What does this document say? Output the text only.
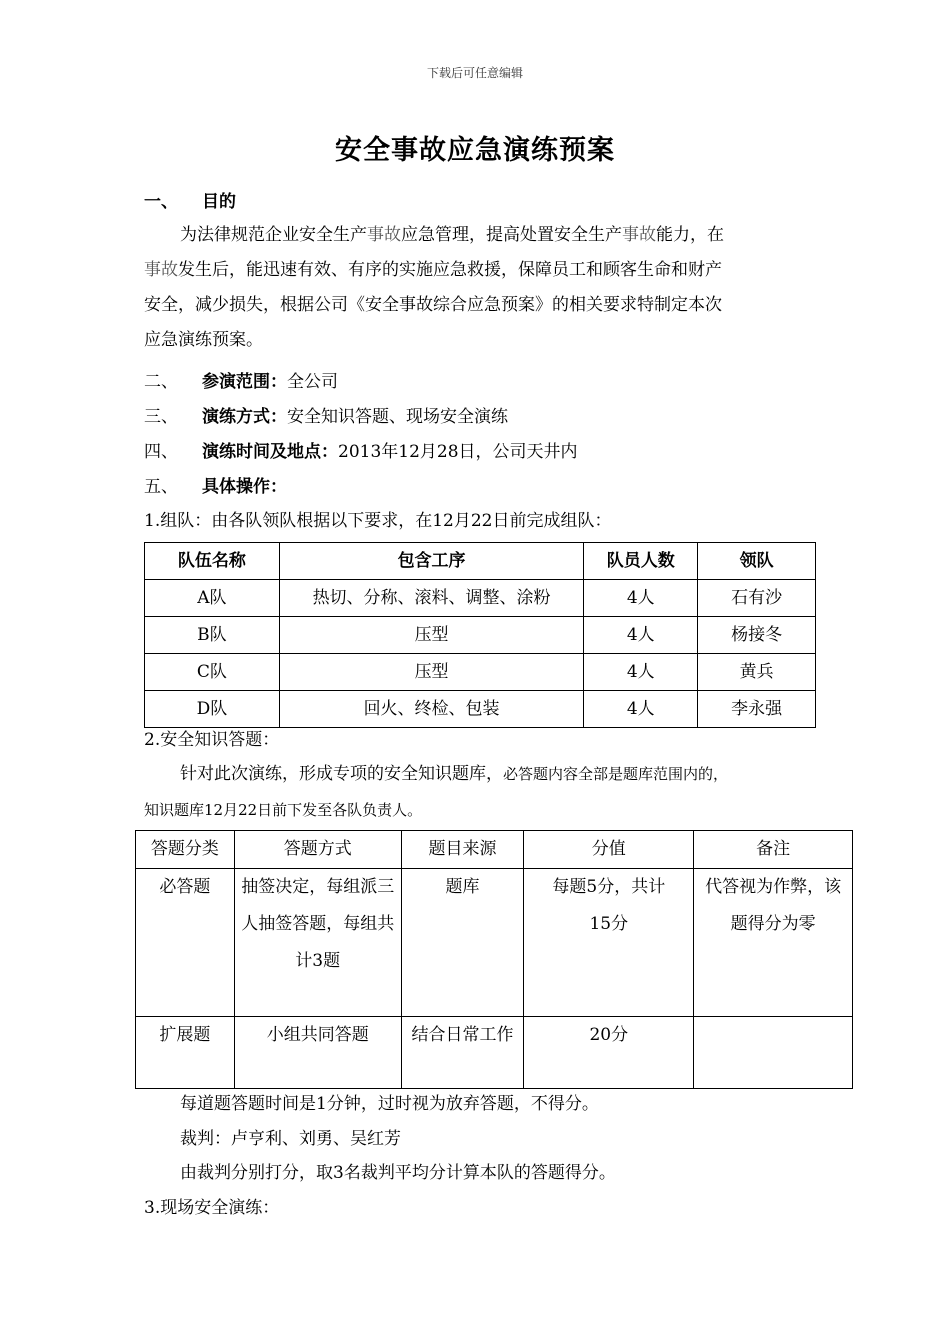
下载后可任意编辑
安全事故应急演练预案
一、 目的
为法律规范企业安全生产事故应急管理，提高处置安全生产事故能力，在
事故发生后，能迅速有效、有序的实施应急救援，保障员工和顾客生命和财产
安全，减少损失，根据公司《安全事故综合应急预案》的相关要求特制定本次
应急演练预案。
二、 参演范围：全公司
三、 演练方式：安全知识答题、现场安全演练
四、 演练时间及地点：2013年12月28日，公司天井内
五、 具体操作：
1.组队：由各队领队根据以下要求，在12月22日前完成组队：
队伍名称	包含工序	队员人数	领队
A队	热切、分称、滚料、调整、涂粉	4人	石有沙
B队	压型	4人	杨接冬
C队	压型	4人	黄兵
D队	回火、终检、包装	4人	李永强
2.安全知识答题：
针对此次演练，形成专项的安全知识题库，必答题内容全部是题库范围内的，
知识题库12月22日前下发至各队负责人。
答题分类	答题方式	题目来源	分值	备注
必答题	抽签决定，每组派三人抽签答题，每组共计3题	题库	每题5分，共计15分	代答视为作弊，该题得分为零
扩展题	小组共同答题	结合日常工作	20分	
每道题答题时间是1分钟，过时视为放弃答题，不得分。
裁判：卢亨利、刘勇、吴红芳
由裁判分别打分，取3名裁判平均分计算本队的答题得分。
3.现场安全演练：
